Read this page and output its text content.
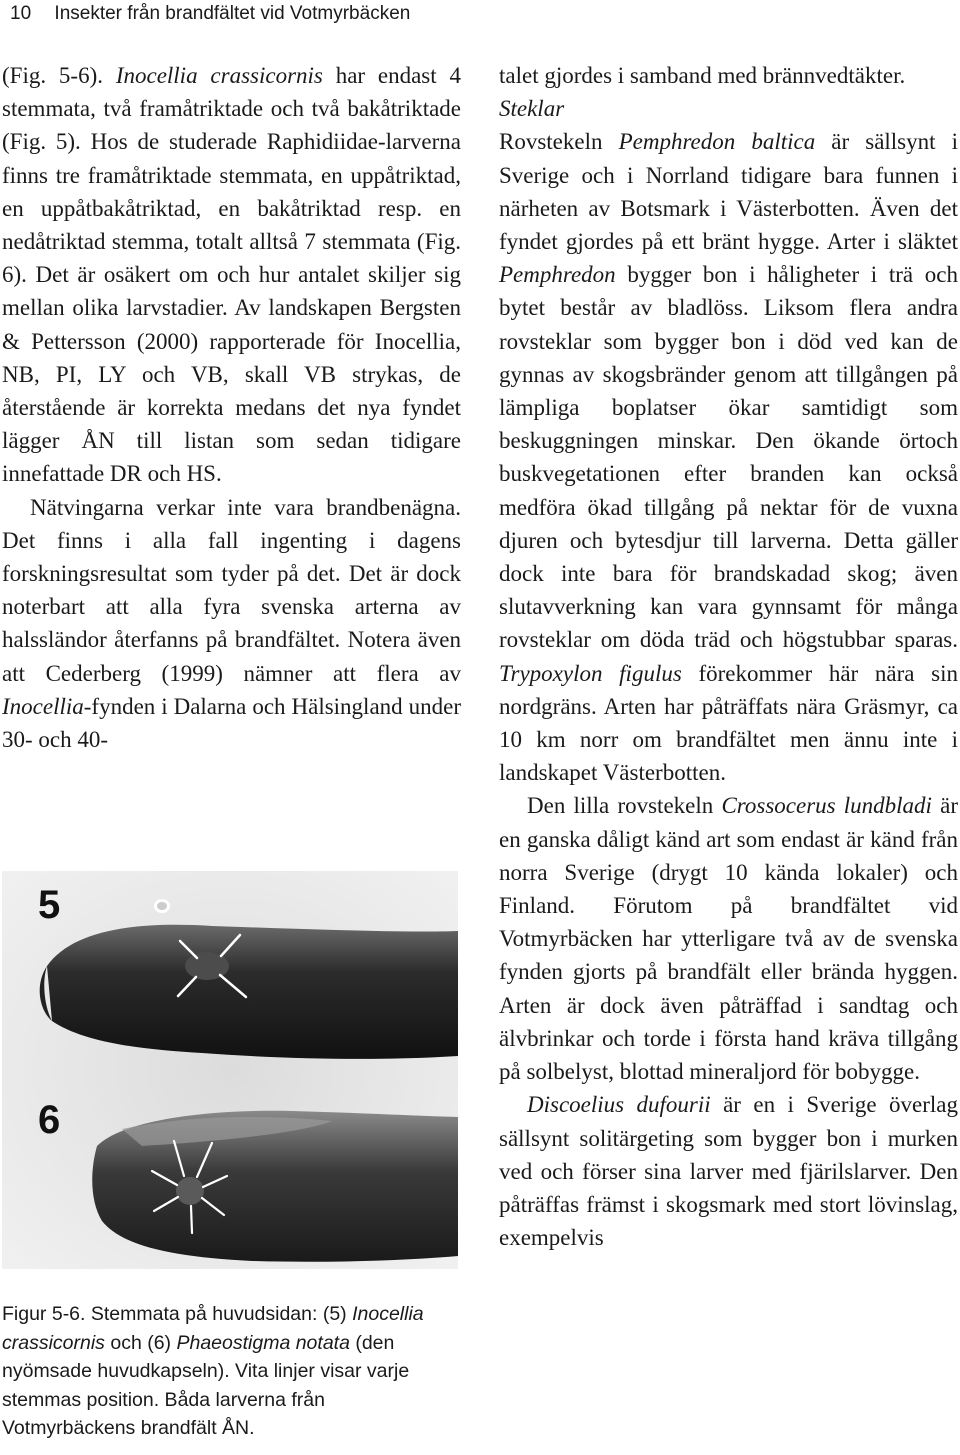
10 Insekter från brandfältet vid Votmyrbäcken

(Fig. 5-6). Inocellia crassicornis har endast 4 stemmata, två framåtriktade och två bakåtriktade (Fig. 5). Hos de studerade Raphidiidae-larverna finns tre framåtriktade stemmata, en uppåtriktad, en uppåtbakåtriktad, en bakåtriktad resp. en nedåtriktad stemma, totalt alltså 7 stemmata (Fig. 6). Det är osäkert om och hur antalet skiljer sig mellan olika larvstadier. Av landskapen Bergsten & Pettersson (2000) rapporterade för Inocellia, NB, PI, LY och VB, skall VB strykas, de återstående är korrekta medans det nya fyndet lägger ÅN till listan som sedan tidigare innefattade DR och HS.

Nätvingarna verkar inte vara brandbenägna. Det finns i alla fall ingenting i dagens forskningsresultat som tyder på det. Det är dock noterbart att alla fyra svenska arterna av halssländor återfanns på brandfältet. Notera även att Cederberg (1999) nämner att flera av Inocellia-fynden i Dalarna och Hälsingland under 30- och 40-

5
6
Figur 5-6. Stemmata på huvudsidan: (5) Inocellia crassicornis och (6) Phaeostigma notata (den nyömsade huvudkapseln). Vita linjer visar varje stemmas position. Båda larverna från Votmyrbäckens brandfält ÅN.

talet gjordes i samband med brännvedtäkter.

Steklar

Rovstekeln Pemphredon baltica är sällsynt i Sverige och i Norrland tidigare bara funnen i närheten av Botsmark i Västerbotten. Även det fyndet gjordes på ett bränt hygge. Arter i släktet Pemphredon bygger bon i håligheter i trä och bytet består av bladlöss. Liksom flera andra rovsteklar som bygger bon i död ved kan de gynnas av skogsbränder genom att tillgången på lämpliga boplatser ökar samtidigt som beskuggningen minskar. Den ökande örtoch buskvegetationen efter branden kan också medföra ökad tillgång på nektar för de vuxna djuren och bytesdjur till larverna. Detta gäller dock inte bara för brandskadad skog; även slutavverkning kan vara gynnsamt för många rovsteklar om döda träd och högstubbar sparas. Trypoxylon figulus förekommer här nära sin nordgräns. Arten har påträffats nära Gräsmyr, ca 10 km norr om brandfältet men ännu inte i landskapet Västerbotten.

Den lilla rovstekeln Crossocerus lundbladi är en ganska dåligt känd art som endast är känd från norra Sverige (drygt 10 kända lokaler) och Finland. Förutom på brandfältet vid Votmyrbäcken har ytterligare två av de svenska fynden gjorts på brandfält eller brända hyggen. Arten är dock även påträffad i sandtag och älvbrinkar och torde i första hand kräva tillgång på solbelyst, blottad mineraljord för bobygge.

Discoelius dufourii är en i Sverige överlag sällsynt solitärgeting som bygger bon i murken ved och förser sina larver med fjärilslarver. Den påträffas främst i skogsmark med stort lövinslag, exempelvis
